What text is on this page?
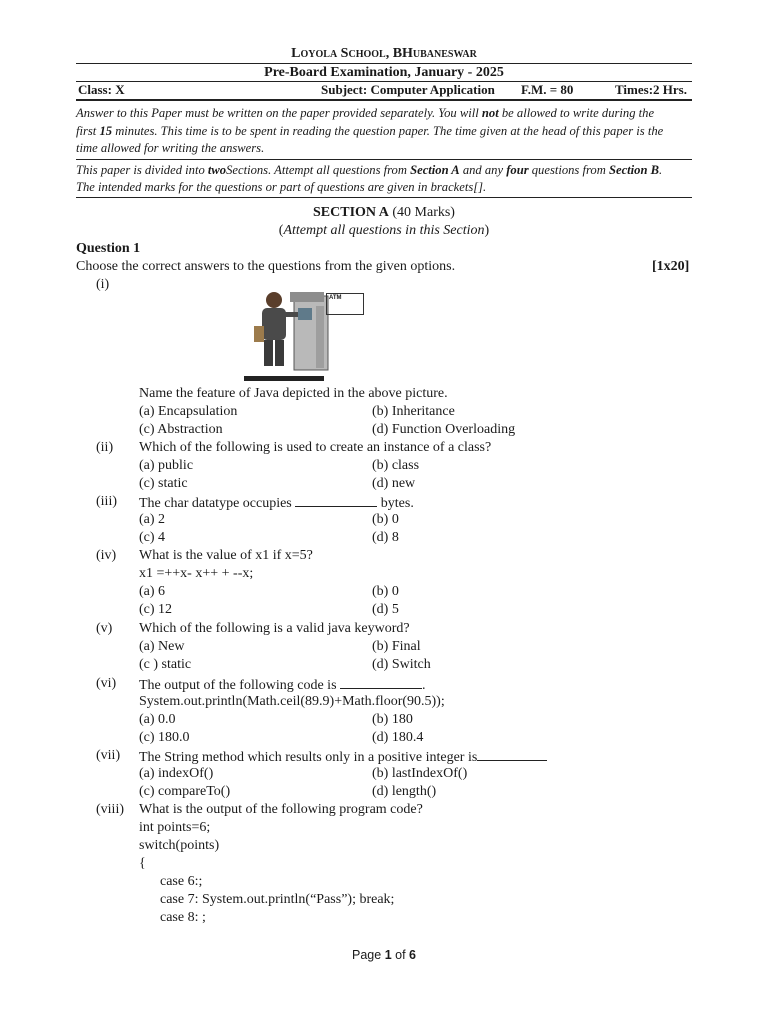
Loyola School, BHubaneswar
Pre-Board Examination, January - 2025
Class: X	Subject: Computer Application F.M. = 80	Times:2 Hrs.
Answer to this Paper must be written on the paper provided separately. You will not be allowed to write during the
first 15 minutes. This time is to be spent in reading the question paper. The time given at the head of this paper is the
time allowed for writing the answers.
This paper is divided into twoSections. Attempt all questions from Section A and any four questions from Section B.
The intended marks for the questions or part of questions are given in brackets[].
SECTION A (40 Marks)
(Attempt all questions in this Section)
Question 1
Choose the correct answers to the questions from the given options.	[1x20]
(i)
ATM
Name the feature of Java depicted in the above picture.
(a) Encapsulation	(b) Inheritance
(c) Abstraction	(d) Function Overloading
(ii) Which of the following is used to create an instance of a class?
(a) public	(b) class
(c) static	(d) new
(iii) The char datatype occupies	bytes.
(a) 2	(b) 0
(c) 4	(d) 8
(iv) What is the value of x1 if x=5?
x1 =++x- x++ + --x;
(a) 6	(b) 0
(c) 12	(d) 5
(v) Which of the following is a valid java keyword?
(a) New	(b) Final
(c ) static	(d) Switch
(vi) The output of the following code is	.
System.out.println(Math.ceil(89.9)+Math.floor(90.5));
(a) 0.0	(b) 180
(c) 180.0	(d) 180.4
(vii) The String method which results only in a positive integer is
(a) indexOf()	(b) lastIndexOf()
(c) compareTo()	(d) length()
(viii) What is the output of the following program code?
int points=6;
switch(points)
{
case 6:;
case 7: System.out.println(“Pass”); break;
case 8: ;
Page 1 of 6
